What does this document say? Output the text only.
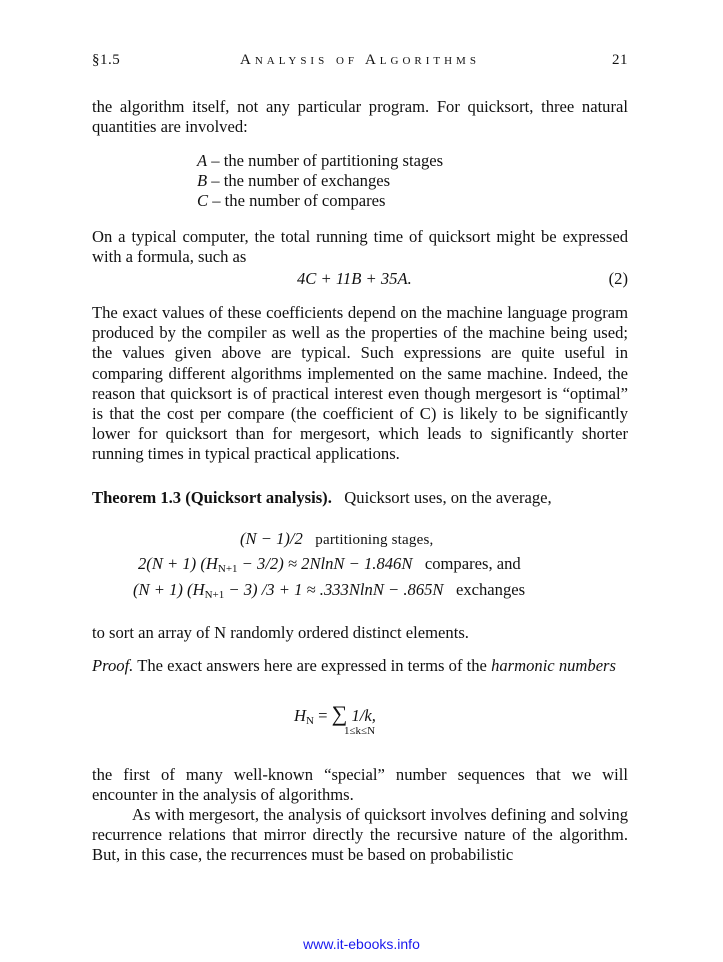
§1.5	Analysis of Algorithms	21

the algorithm itself, not any particular program. For quicksort, three natural quantities are involved:

A – the number of partitioning stages
B – the number of exchanges
C – the number of compares

On a typical computer, the total running time of quicksort might be expressed with a formula, such as

4C + 11B + 35A.	(2)

The exact values of these coefficients depend on the machine language program produced by the compiler as well as the properties of the machine being used; the values given above are typical. Such expressions are quite useful in comparing different algorithms implemented on the same machine. Indeed, the reason that quicksort is of practical interest even though mergesort is “optimal” is that the cost per compare (the coefficient of C) is likely to be significantly lower for quicksort than for mergesort, which leads to significantly shorter running times in typical practical applications.

Theorem 1.3 (Quicksort analysis). Quicksort uses, on the average,

(N − 1)/2 partitioning stages,
2(N + 1) $(H_{N+1} - 3/2) \approx 2NlnN - 1.846N$ compares, and
(N + 1) $(H_{N+1} - 3) /3 + 1 \approx .333NlnN - .865N$ exchanges

to sort an array of N randomly ordered distinct elements.

Proof. The exact answers here are expressed in terms of the harmonic numbers

$H_N$ = ∑ 1/k,
1≤k≤N

the first of many well-known “special” number sequences that we will encounter in the analysis of algorithms.

As with mergesort, the analysis of quicksort involves defining and solving recurrence relations that mirror directly the recursive nature of the algorithm. But, in this case, the recurrences must be based on probabilistic

www.it-ebooks.info
